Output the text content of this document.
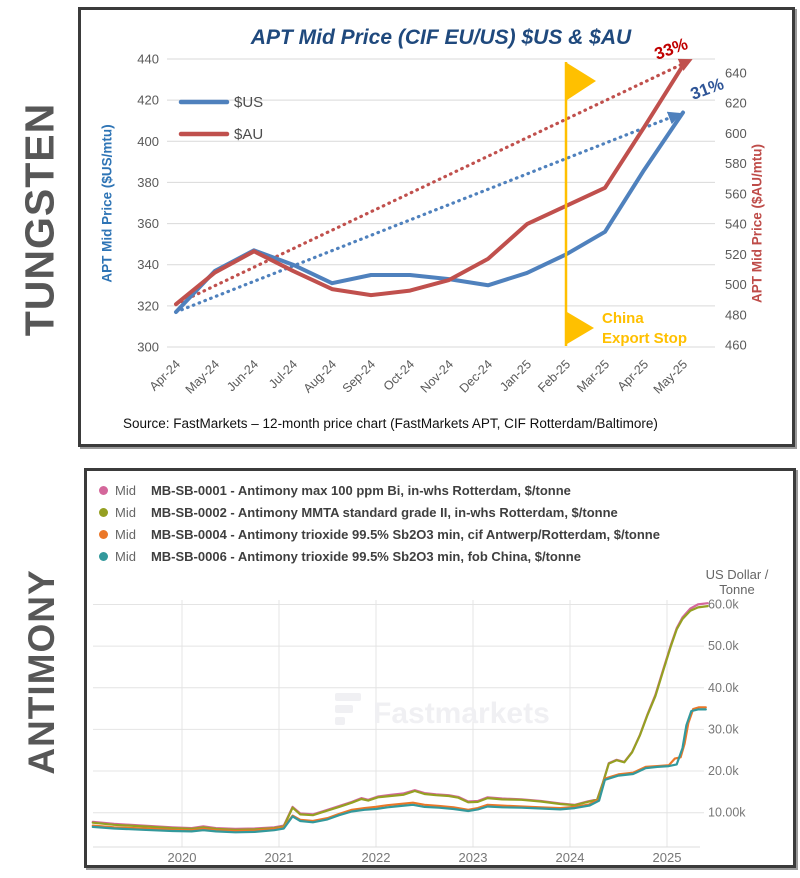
TUNGSTEN
ANTIMONY
300
320
340
360
380
400
420
440
460
480
500
520
540
560
580
600
620
640
Apr-24 May-24 Jun-24 Jul-24 Aug-24 Sep-24 Oct-24 Nov-24 Dec-24 Jan-25 Feb-25 Mar-25 Apr-25 May-25
China
Export Stop
33%
31%
$US
$AU
APT Mid Price (CIF EU/US) $US & $AU
APT Mid Price ($US/mtu)	APT Mid Price ($AU/mtu)
Source: FastMarkets – 12-month price chart (FastMarkets APT, CIF Rotterdam/Baltimore)
60.0k
50.0k
40.0k
30.0k
20.0k
10.00k
2020	2021	2022	2023	2024	2025
Fastmarkets
Mid MB-SB-0001 - Antimony max 100 ppm Bi, in-whs Rotterdam, $/tonne
Mid MB-SB-0002 - Antimony MMTA standard grade II, in-whs Rotterdam, $/tonne
Mid MB-SB-0004 - Antimony trioxide 99.5% Sb2O3 min, cif Antwerp/Rotterdam, $/tonne
Mid MB-SB-0006 - Antimony trioxide 99.5% Sb2O3 min, fob China, $/tonne
US Dollar /
Tonne
